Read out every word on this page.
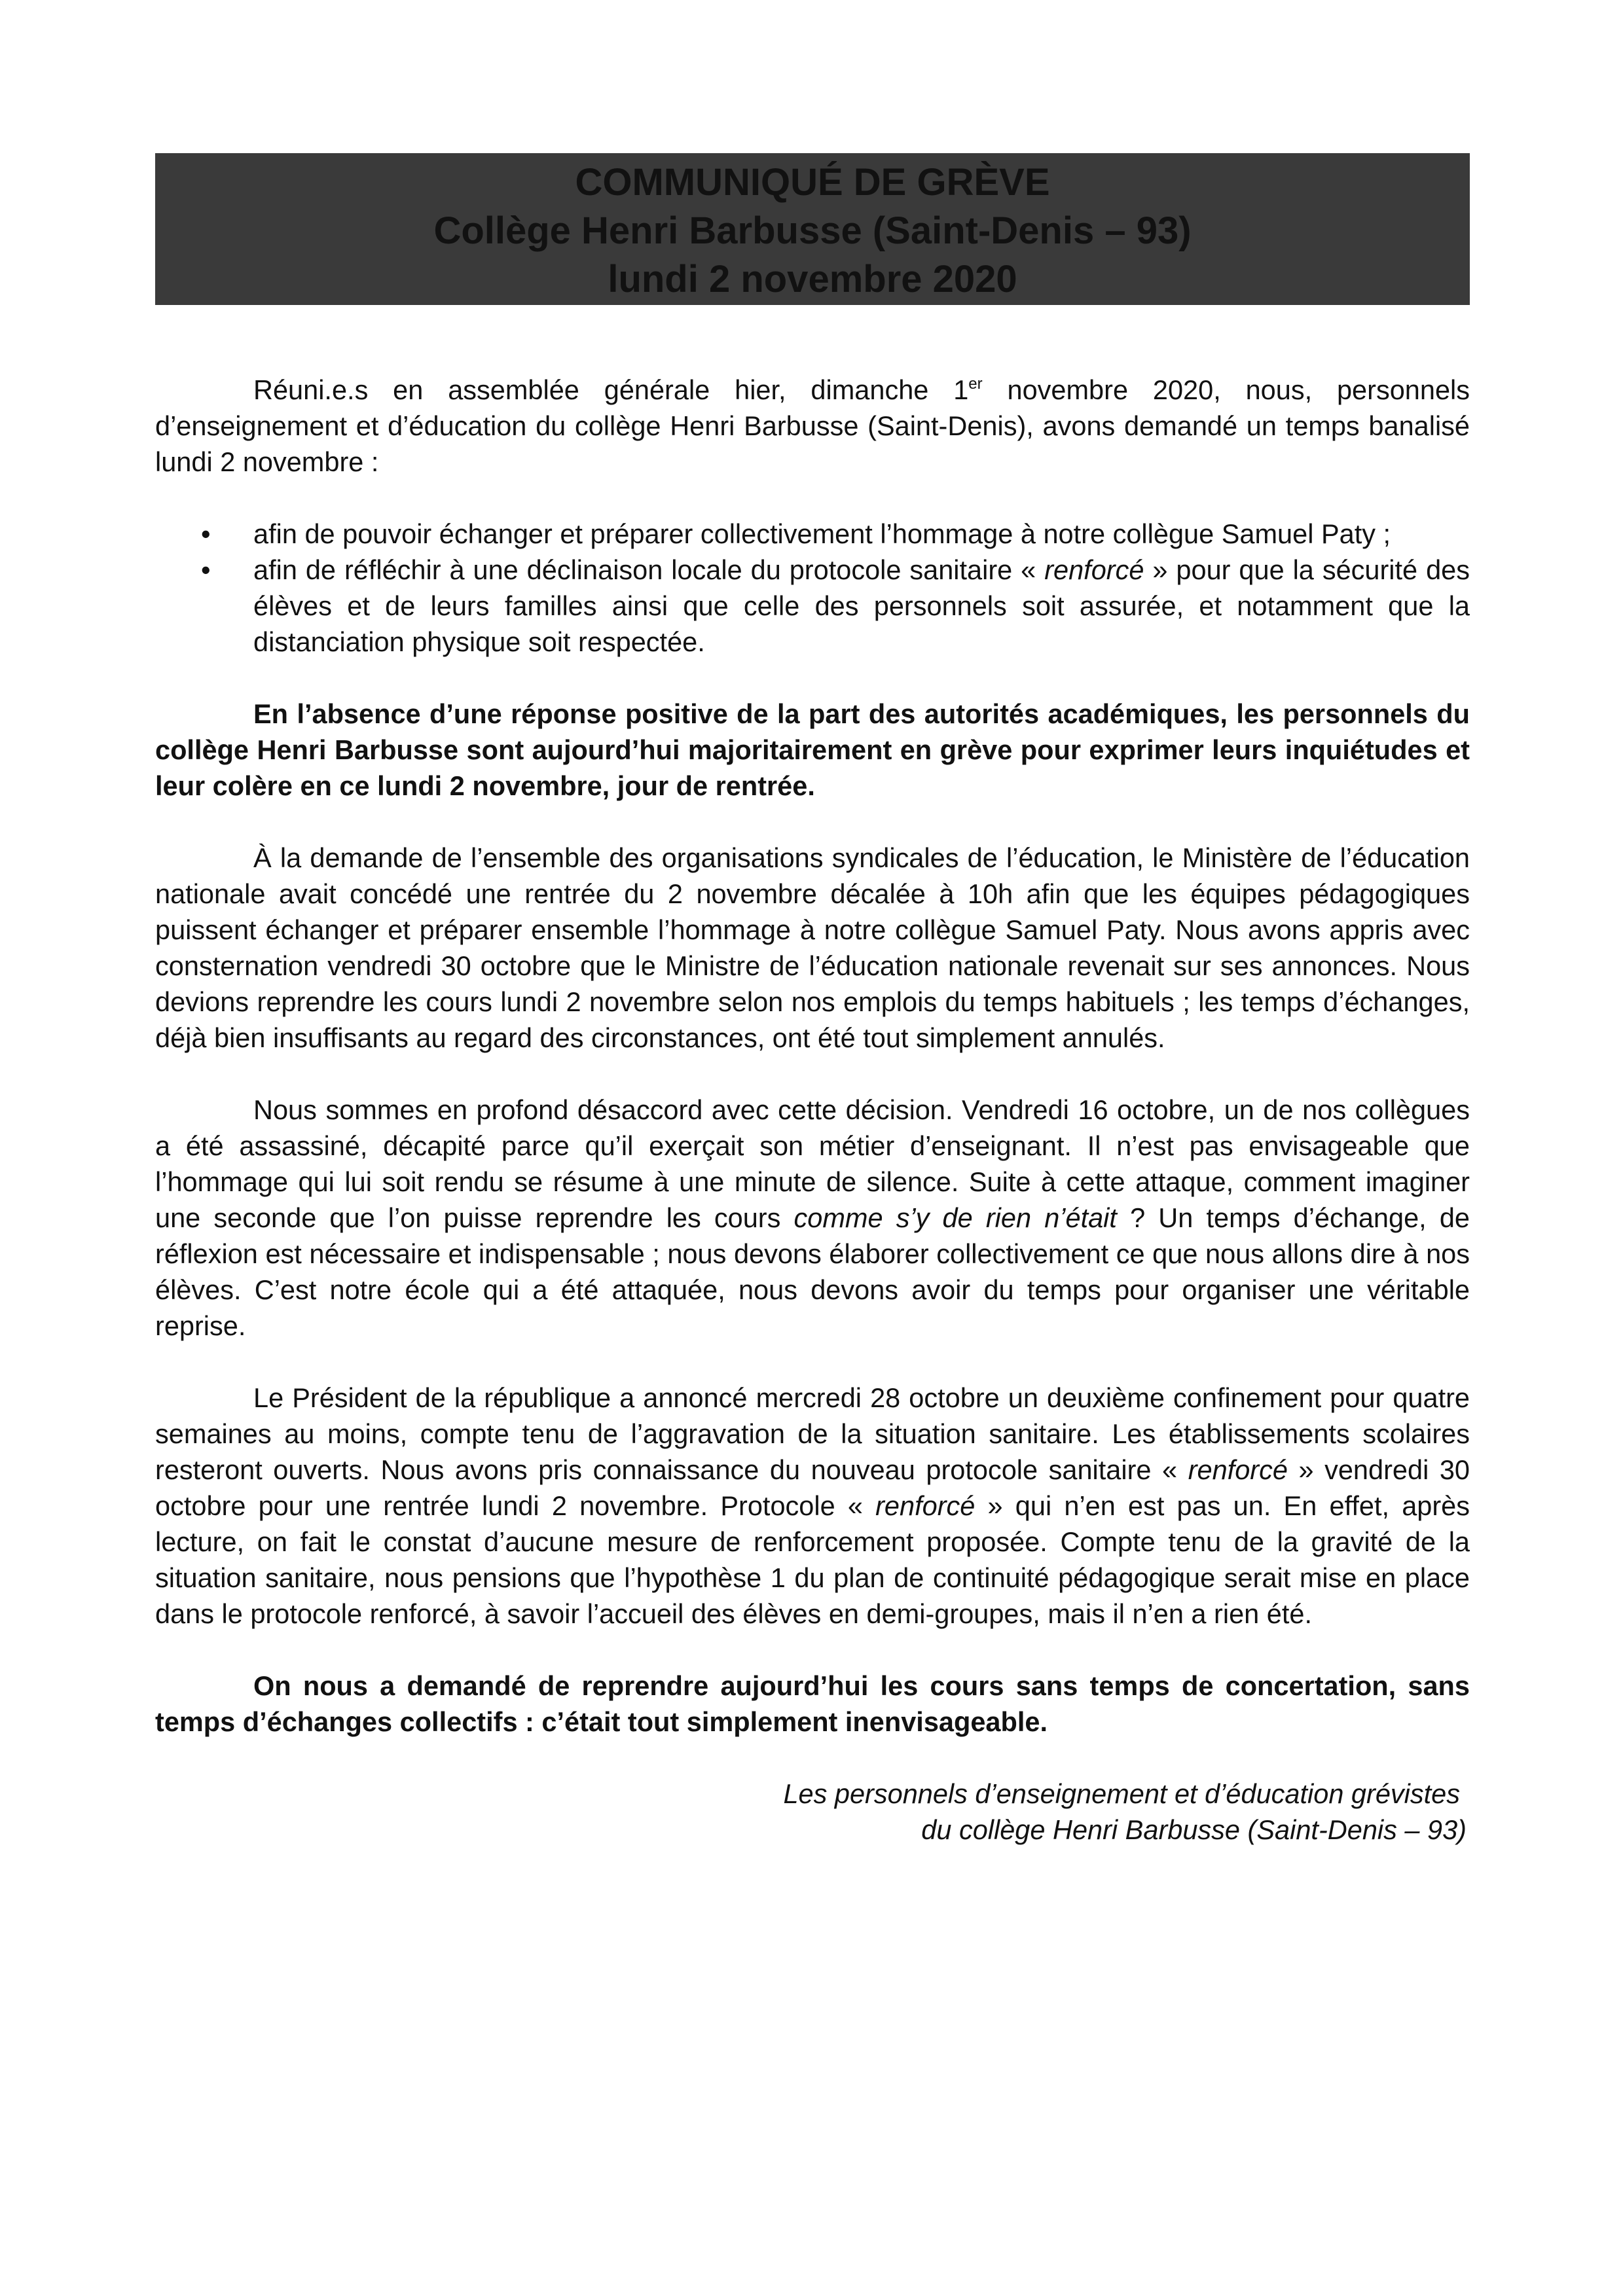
COMMUNIQUÉ DE GRÈVE
Collège Henri Barbusse (Saint-Denis – 93)
lundi 2 novembre 2020

Réuni.e.s en assemblée générale hier, dimanche 1er novembre 2020, nous, personnels d’enseignement et d’éducation du collège Henri Barbusse (Saint-Denis), avons demandé un temps banalisé lundi 2 novembre :

• afin de pouvoir échanger et préparer collectivement l’hommage à notre collègue Samuel Paty ;
• afin de réfléchir à une déclinaison locale du protocole sanitaire « renforcé » pour que la sécurité des élèves et de leurs familles ainsi que celle des personnels soit assurée, et notamment que la distanciation physique soit respectée.

En l’absence d’une réponse positive de la part des autorités académiques, les personnels du collège Henri Barbusse sont aujourd’hui majoritairement en grève pour exprimer leurs inquiétudes et leur colère en ce lundi 2 novembre, jour de rentrée.

À la demande de l’ensemble des organisations syndicales de l’éducation, le Ministère de l’éducation nationale avait concédé une rentrée du 2 novembre décalée à 10h afin que les équipes pédagogiques puissent échanger et préparer ensemble l’hommage à notre collègue Samuel Paty. Nous avons appris avec consternation vendredi 30 octobre que le Ministre de l’éducation nationale revenait sur ses annonces. Nous devions reprendre les cours lundi 2 novembre selon nos emplois du temps habituels ; les temps d’échanges, déjà bien insuffisants au regard des circonstances, ont été tout simplement annulés.

Nous sommes en profond désaccord avec cette décision. Vendredi 16 octobre, un de nos collègues a été assassiné, décapité parce qu’il exerçait son métier d’enseignant. Il n’est pas envisageable que l’hommage qui lui soit rendu se résume à une minute de silence. Suite à cette attaque, comment imaginer une seconde que l’on puisse reprendre les cours comme s’y de rien n’était ? Un temps d’échange, de réflexion est nécessaire et indispensable ; nous devons élaborer collectivement ce que nous allons dire à nos élèves. C’est notre école qui a été attaquée, nous devons avoir du temps pour organiser une véritable reprise.

Le Président de la république a annoncé mercredi 28 octobre un deuxième confinement pour quatre semaines au moins, compte tenu de l’aggravation de la situation sanitaire. Les établissements scolaires resteront ouverts. Nous avons pris connaissance du nouveau protocole sanitaire « renforcé » vendredi 30 octobre pour une rentrée lundi 2 novembre. Protocole « renforcé » qui n’en est pas un. En effet, après lecture, on fait le constat d’aucune mesure de renforcement proposée. Compte tenu de la gravité de la situation sanitaire, nous pensions que l’hypothèse 1 du plan de continuité pédagogique serait mise en place dans le protocole renforcé, à savoir l’accueil des élèves en demi-groupes, mais il n’en a rien été.

On nous a demandé de reprendre aujourd’hui les cours sans temps de concertation, sans temps d’échanges collectifs : c’était tout simplement inenvisageable.

Les personnels d’enseignement et d’éducation grévistes
du collège Henri Barbusse (Saint-Denis – 93)
